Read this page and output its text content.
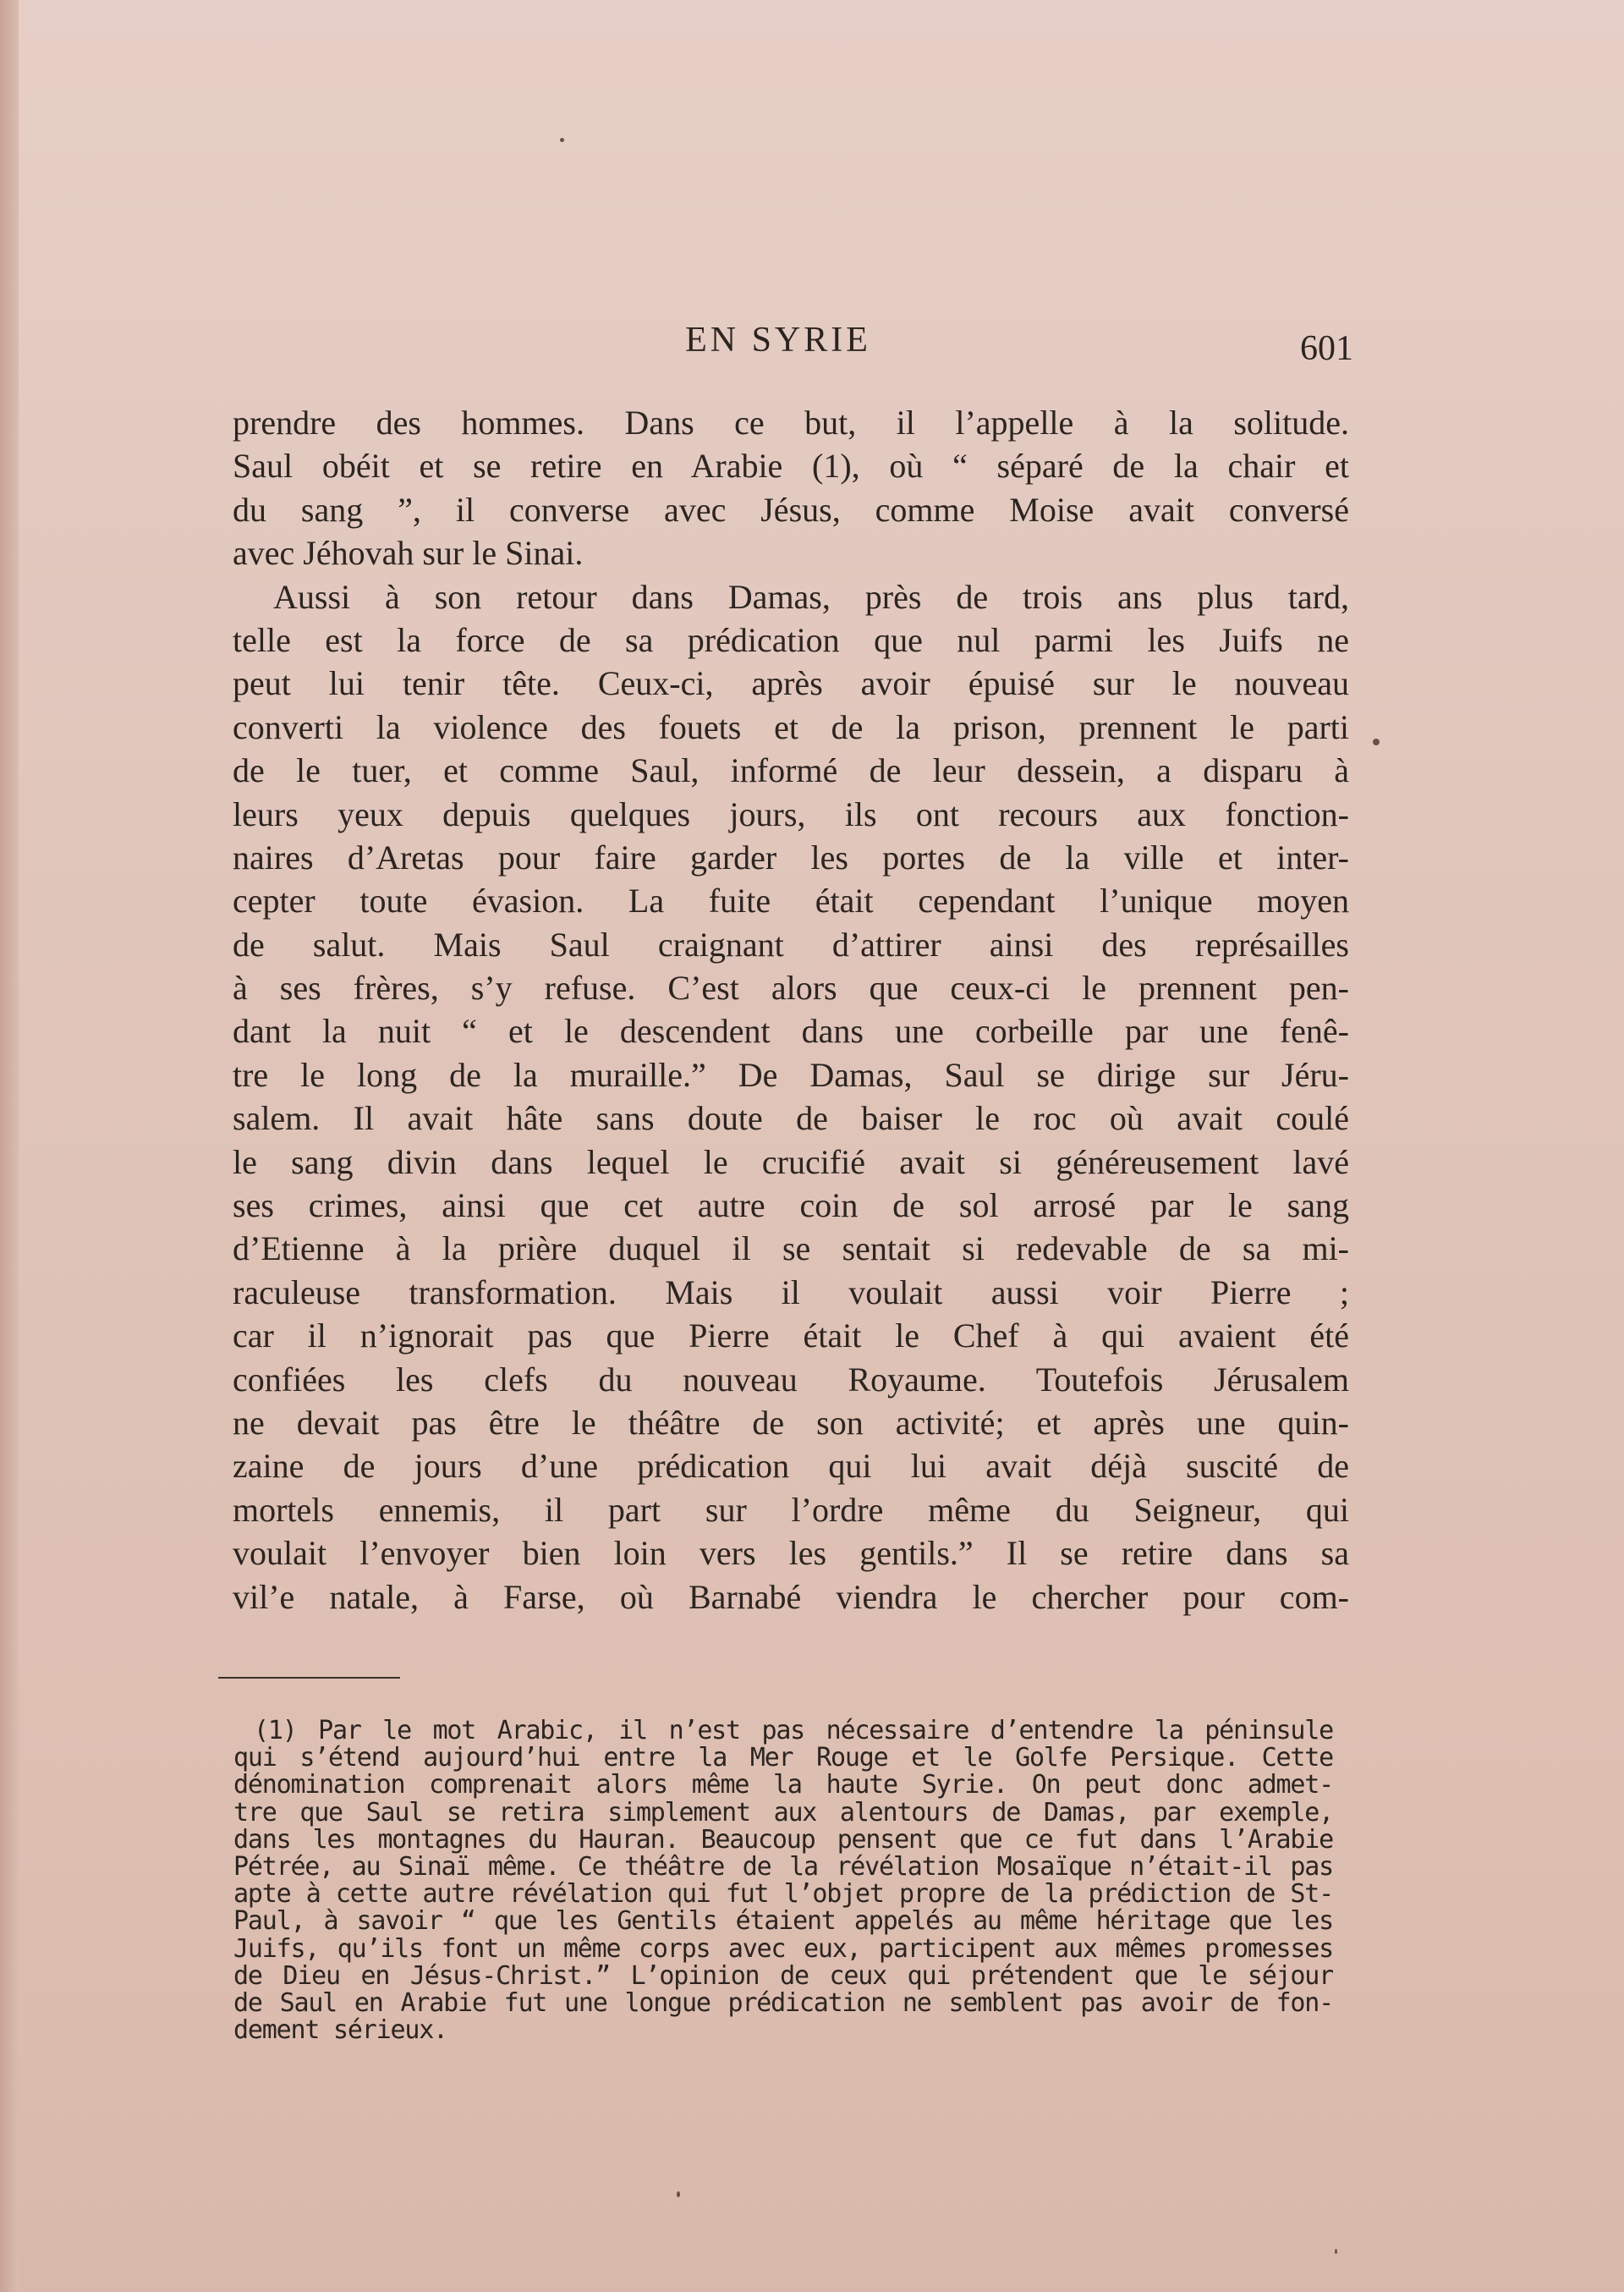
EN SYRIE	601
prendre des hommes. Dans ce but, il l’appelle à la solitude.
Saul obéit et se retire en Arabie (1), où “ séparé de la chair et
du sang ”, il converse avec Jésus, comme Moise avait conversé
avec Jéhovah sur le Sinai.
Aussi à son retour dans Damas, près de trois ans plus tard,
telle est la force de sa prédication que nul parmi les Juifs ne
peut lui tenir tête. Ceux-ci, après avoir épuisé sur le nouveau
converti la violence des fouets et de la prison, prennent le parti
de le tuer, et comme Saul, informé de leur dessein, a disparu à
leurs yeux depuis quelques jours, ils ont recours aux fonction-
naires d’Aretas pour faire garder les portes de la ville et inter-
cepter toute évasion. La fuite était cependant l’unique moyen
de salut. Mais Saul craignant d’attirer ainsi des représailles
à ses frères, s’y refuse. C’est alors que ceux-ci le prennent pen-
dant la nuit “ et le descendent dans une corbeille par une fenê-
tre le long de la muraille.” De Damas, Saul se dirige sur Jéru-
salem. Il avait hâte sans doute de baiser le roc où avait coulé
le sang divin dans lequel le crucifié avait si généreusement lavé
ses crimes, ainsi que cet autre coin de sol arrosé par le sang
d’Etienne à la prière duquel il se sentait si redevable de sa mi-
raculeuse transformation. Mais il voulait aussi voir Pierre ;
car il n’ignorait pas que Pierre était le Chef à qui avaient été
confiées les clefs du nouveau Royaume. Toutefois Jérusalem
ne devait pas être le théâtre de son activité; et après une quin-
zaine de jours d’une prédication qui lui avait déjà suscité de
mortels ennemis, il part sur l’ordre même du Seigneur, qui
voulait l’envoyer bien loin vers les gentils.” Il se retire dans sa
vil’e natale, à Farse, où Barnabé viendra le chercher pour com-
(1) Par le mot Arabic, il n’est pas nécessaire d’entendre la péninsule
qui s’étend aujourd’hui entre la Mer Rouge et le Golfe Persique. Cette
dénomination comprenait alors même la haute Syrie. On peut donc admet-
tre que Saul se retira simplement aux alentours de Damas, par exemple,
dans les montagnes du Hauran. Beaucoup pensent que ce fut dans l’Arabie
Pétrée, au Sinaï même. Ce théâtre de la révélation Mosaïque n’était-il pas
apte à cette autre révélation qui fut l’objet propre de la prédiction de St-
Paul, à savoir “ que les Gentils étaient appelés au même héritage que les
Juifs, qu’ils font un même corps avec eux, participent aux mêmes promesses
de Dieu en Jésus-Christ.” L’opinion de ceux qui prétendent que le séjour
de Saul en Arabie fut une longue prédication ne semblent pas avoir de fon-
dement sérieux.
